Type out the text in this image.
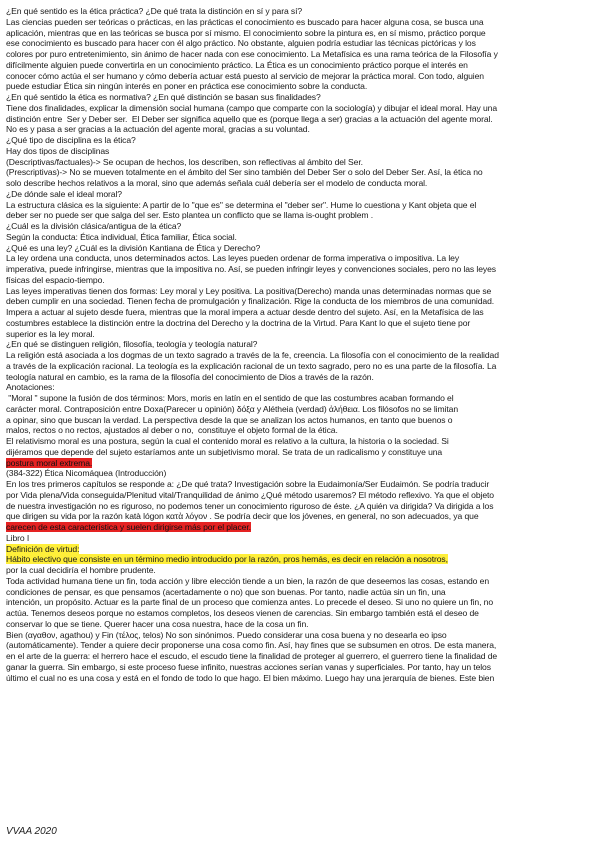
¿En qué sentido es la ética práctica? ¿De qué trata la distinción en sí y para sí?
Las ciencias pueden ser teóricas o prácticas, en las prácticas el conocimiento es buscado para hacer alguna cosa, se busca una
aplicación, mientras que en las teóricas se busca por sí mismo. El conocimiento sobre la pintura es, en sí mismo, práctico porque
ese conocimiento es buscado para hacer con él algo práctico. No obstante, alguien podría estudiar las técnicas pictóricas y los
colores por puro entretenimiento, sin ánimo de hacer nada con ese conocimiento. La Metafísica es una rama teórica de la Filosofía y
difícilmente alguien puede convertirla en un conocimiento práctico. La Ética es un conocimiento práctico porque el interés en
conocer cómo actúa el ser humano y cómo debería actuar está puesto al servicio de mejorar la práctica moral. Con todo, alguien
puede estudiar Ética sin ningún interés en poner en práctica ese conocimiento sobre la conducta.
¿En qué sentido la ética es normativa? ¿En qué distinción se basan sus finalidades?
Tiene dos finalidades, explicar la dimensión social humana (campo que comparte con la sociología) y dibujar el ideal moral. Hay una
distinción entre  Ser y Deber ser.  El Deber ser significa aquello que es (porque llega a ser) gracias a la actuación del agente moral.
No es y pasa a ser gracias a la actuación del agente moral, gracias a su voluntad.
¿Qué tipo de disciplina es la ética?
Hay dos tipos de disciplinas
(Descriptivas/factuales)-> Se ocupan de hechos, los describen, son reflectivas al ámbito del Ser.
(Prescriptivas)-> No se mueven totalmente en el ámbito del Ser sino también del Deber Ser o solo del Deber Ser. Así, la ética no
solo describe hechos relativos a la moral, sino que además señala cuál debería ser el modelo de conducta moral.
¿De dónde sale el ideal moral?
La estructura clásica es la siguiente: A partir de lo "que es" se determina el "deber ser". Hume lo cuestiona y Kant objeta que el
deber ser no puede ser que salga del ser. Esto plantea un conflicto que se llama is-ought problem .
¿Cuál es la división clásica/antigua de la ética?
Según la conducta: Ética individual, Ética familiar, Ética social.
¿Qué es una ley? ¿Cuál es la división Kantiana de Ética y Derecho?
La ley ordena una conducta, unos determinados actos. Las leyes pueden ordenar de forma imperativa o impositiva. La ley
imperativa, puede infringirse, mientras que la impositiva no. Así, se pueden infringir leyes y convenciones sociales, pero no las leyes
físicas del espacio-tiempo.
Las leyes imperativas tienen dos formas: Ley moral y Ley positiva. La positiva(Derecho) manda unas determinadas normas que se
deben cumplir en una sociedad. Tienen fecha de promulgación y finalización. Rige la conducta de los miembros de una comunidad.
Impera a actuar al sujeto desde fuera, mientras que la moral impera a actuar desde dentro del sujeto. Así, en la Metafísica de las
costumbres establece la distinción entre la doctrina del Derecho y la doctrina de la Virtud. Para Kant lo que el sujeto tiene por
superior es la ley moral.
¿En qué se distinguen religión, filosofía, teología y teología natural?
La religión está asociada a los dogmas de un texto sagrado a través de la fe, creencia. La filosofía con el conocimiento de la realidad
a través de la explicación racional. La teología es la explicación racional de un texto sagrado, pero no es una parte de la filosofía. La
teología natural en cambio, es la rama de la filosofía del conocimiento de Dios a través de la razón.
Anotaciones:
"Moral " supone la fusión de dos términos: Mors, moris en latín en el sentido de que las costumbres acaban formando el
carácter moral. Contraposición entre Doxa(Parecer u opinión) δόξα y Alétheia (verdad) ἀλήθεια. Los filósofos no se limitan
a opinar, sino que buscan la verdad. La perspectiva desde la que se analizan los actos humanos, en tanto que buenos o
malos, rectos o no rectos, ajustados al deber o no,  constituye el objeto formal de la ética.
El relativismo moral es una postura, según la cual el contenido moral es relativo a la cultura, la historia o la sociedad. Si
dijéramos que depende del sujeto estaríamos ante un subjetivismo moral. Se trata de un radicalismo y constituye una
postura moral extrema.
(384-322) Ética Nicomáquea (Introducción)
En los tres primeros capítulos se responde a: ¿De qué trata? Investigación sobre la Eudaimonía/Ser Eudaimón. Se podría traducir
por Vida plena/Vida conseguida/Plenitud vital/Tranquilidad de ánimo ¿Qué método usaremos? El método reflexivo. Ya que el objeto
de nuestra investigación no es riguroso, no podemos tener un conocimiento riguroso de éste. ¿A quién va dirigida? Va dirigida a los
que dirigen su vida por la razón katà lógon κατὰ λόγον . Se podría decir que los jóvenes, en general, no son adecuados, ya que
carecen de esta característica y suelen dirigirse más por el placer.
Libro I
Definición de virtud:
Hábito electivo que consiste en un término medio introducido por la razón, pros hemás, es decir en relación a nosotros,
por la cual decidiría el hombre prudente.
Toda actividad humana tiene un fin, toda acción y libre elección tiende a un bien, la razón de que deseemos las cosas, estando en
condiciones de pensar, es que pensamos (acertadamente o no) que son buenas. Por tanto, nadie actúa sin un fin, una
intención, un propósito. Actuar es la parte final de un proceso que comienza antes. Lo precede el deseo. Si uno no quiere un fin, no
actúa. Tenemos deseos porque no estamos completos, los deseos vienen de carencias. Sin embargo también está el deseo de
conservar lo que se tiene. Querer hacer una cosa nuestra, hace de la cosa un fin.
Bien (αγαθον, agathou) y Fin (τέλος, telos) No son sinónimos. Puedo considerar una cosa buena y no desearla eo ipso
(automáticamente). Tender a quiere decir proponerse una cosa como fin. Así, hay fines que se subsumen en otros. De esta manera,
en el arte de la guerra: el herrero hace el escudo, el escudo tiene la finalidad de proteger al guerrero, el guerrero tiene la finalidad de
ganar la guerra. Sin embargo, si este proceso fuese infinito, nuestras acciones serían vanas y superficiales. Por tanto, hay un telos
último el cual no es una cosa y está en el fondo de todo lo que hago. El bien máximo. Luego hay una jerarquía de bienes. Este bien
VVAA 2020
